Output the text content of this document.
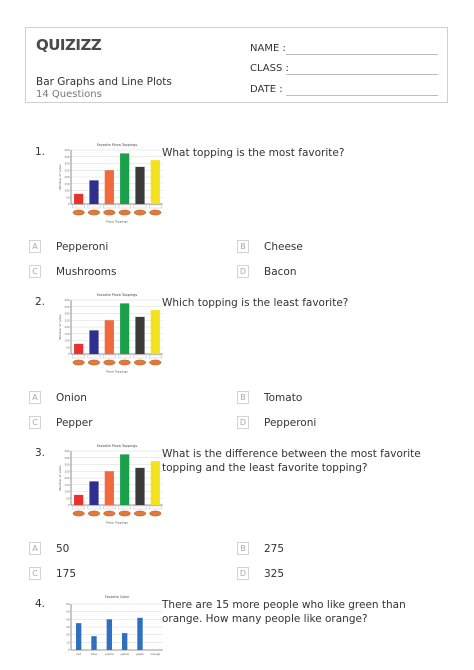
QUIZIZZ
Bar Graphs and Line Plots
14 Questions
NAME :
CLASS :
DATE :
1.
Favorite Pizza Toppings
0
50
100
150
200
250
300
350
400
Number of votes
Pizza Toppings
What topping is the most favorite?
A	Pepperoni	B	Cheese
C	Mushrooms	D Bacon
2.
Favorite Pizza Toppings
0
50
100
150
200
250
300
350
400
Number of votes
Pizza Toppings
Which topping is the least favorite?
A	Onion	B	Tomato
C	Pepper	D Pepperoni
3.
Favorite Pizza Toppings
0
50
100
150
200
250
300
350
400
Number of votes
Pizza Toppings
What is the difference between the most favorite topping and the least favorite topping?
A	50	B	275
C	175	D 325
4.
Favorite Color
0
10
20
30
40
50
60
red	blue	purple yellow	green orange
There are 15 more people who like green than orange. How many people like orange?
